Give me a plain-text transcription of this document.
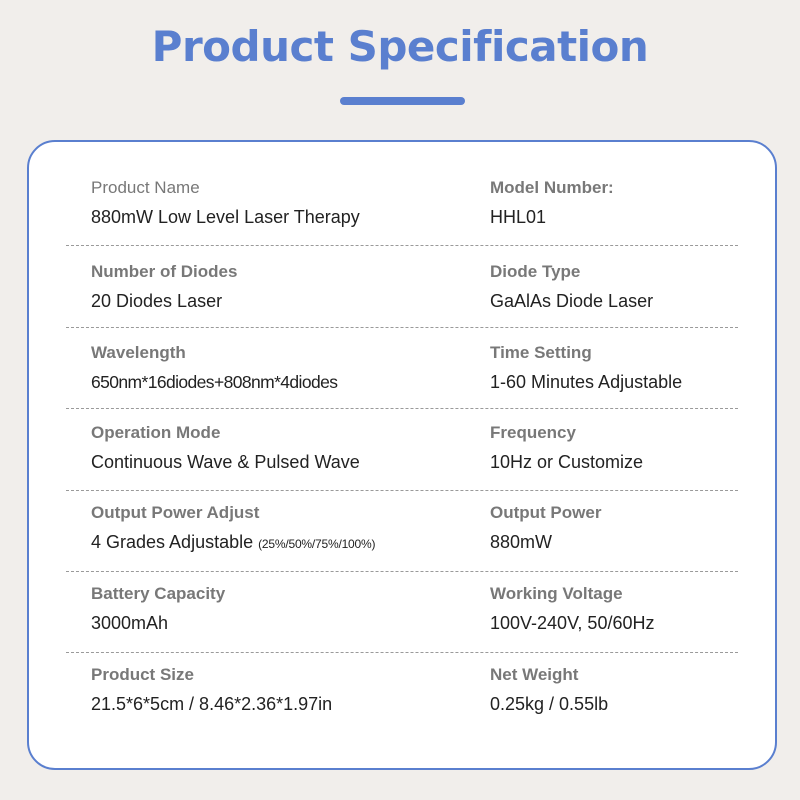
Product Specification
Product Name
880mW Low Level Laser Therapy
Model Number:
HHL01
Number of Diodes
20 Diodes Laser
Diode Type
GaAlAs Diode Laser
Wavelength
650nm*16diodes+808nm*4diodes
Time Setting
1-60 Minutes Adjustable
Operation Mode
Continuous Wave & Pulsed Wave
Frequency
10Hz or Customize
Output Power Adjust
4 Grades Adjustable (25%/50%/75%/100%)
Output Power
880mW
Battery Capacity
3000mAh
Working Voltage
100V-240V, 50/60Hz
Product Size
21.5*6*5cm / 8.46*2.36*1.97in
Net Weight
0.25kg / 0.55lb
